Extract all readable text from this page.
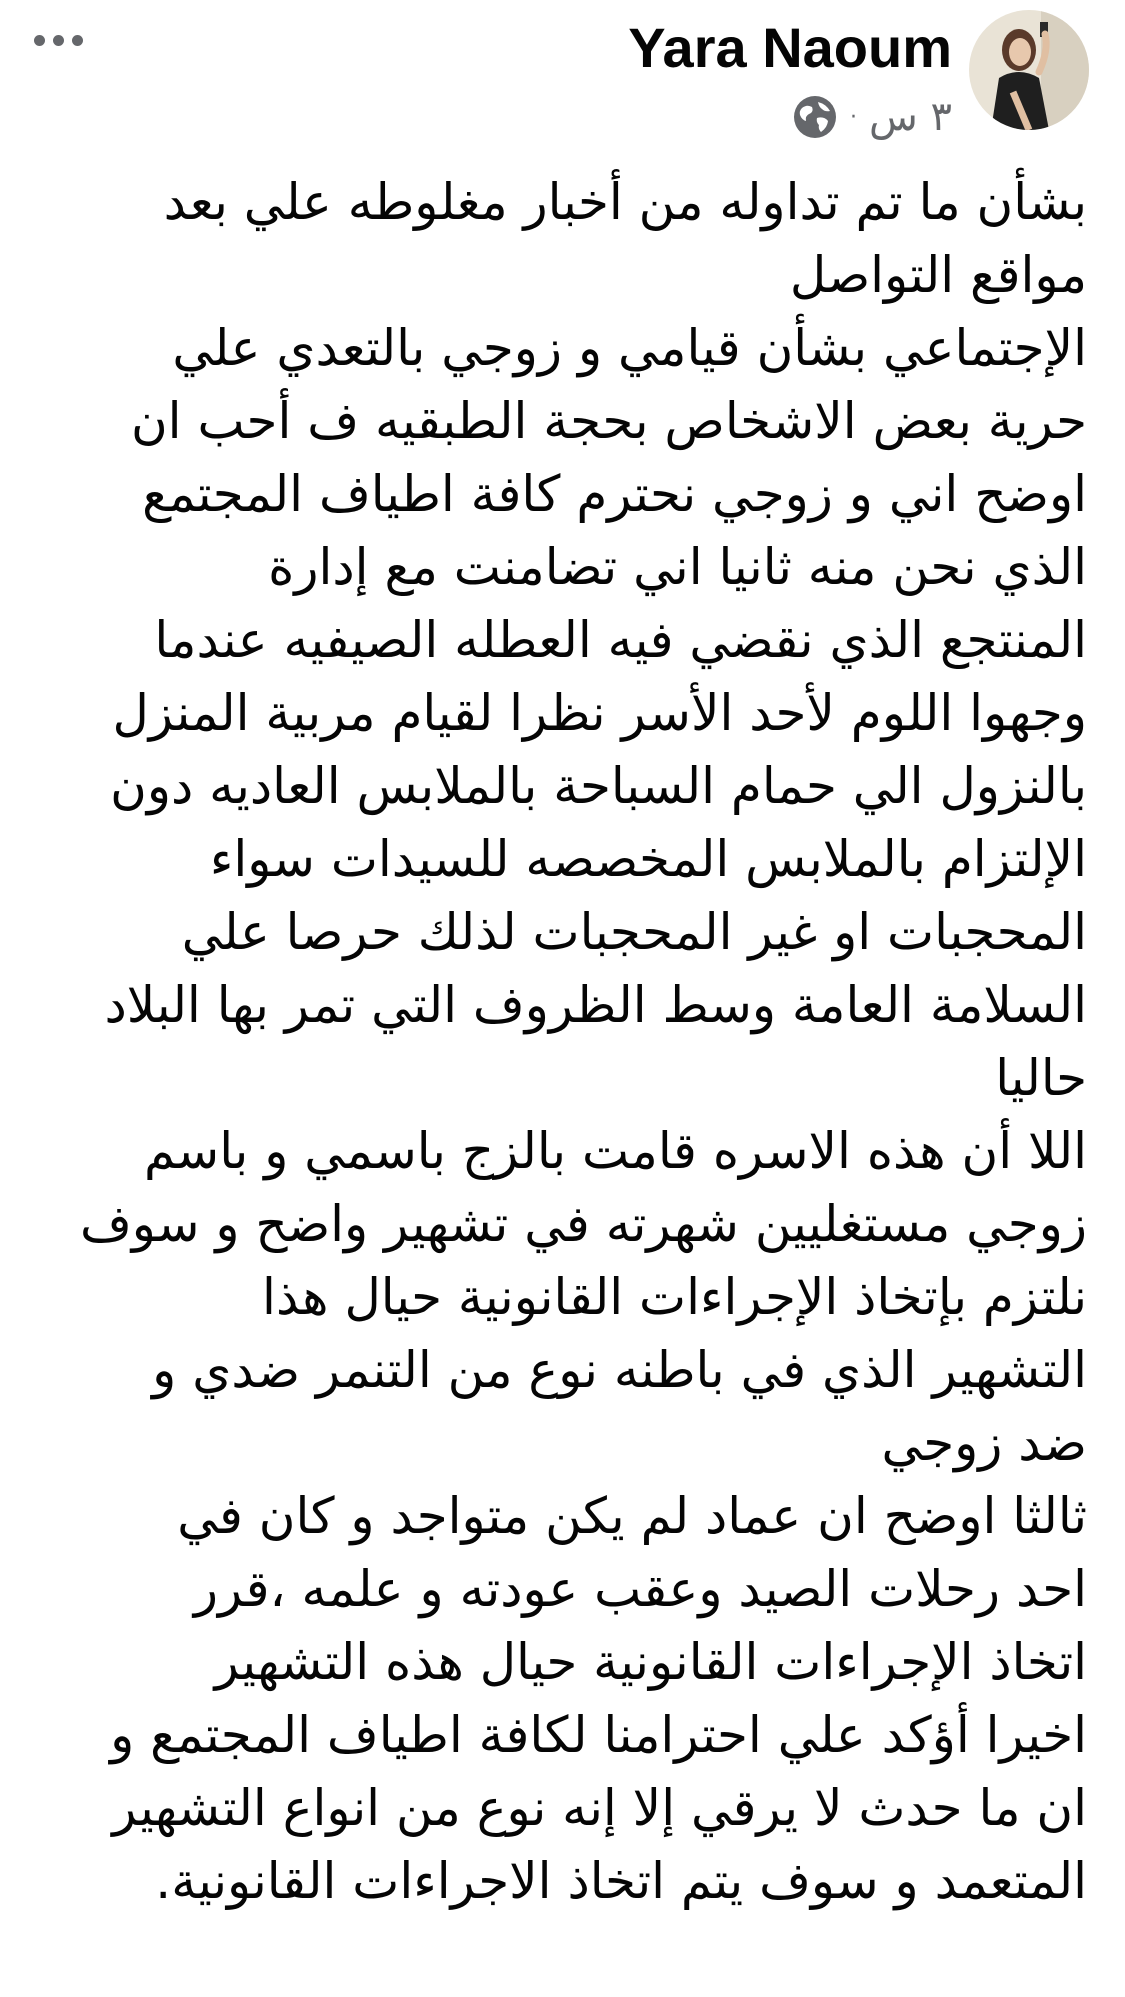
Yara Naoum
٣ س
·
بشأن ما تم تداوله من أخبار مغلوطه علي بعد
مواقع التواصل
الإجتماعي بشأن قيامي و زوجي بالتعدي علي
حرية بعض الاشخاص بحجة الطبقيه ف أحب ان
اوضح اني و زوجي نحترم كافة اطياف المجتمع
الذي نحن منه ثانيا اني تضامنت مع إدارة
المنتجع الذي نقضي فيه العطله الصيفيه عندما
وجهوا اللوم لأحد الأسر نظرا لقيام مربية المنزل
بالنزول الي حمام السباحة بالملابس العاديه دون
الإلتزام بالملابس المخصصه للسيدات سواء
المحجبات او غير المحجبات لذلك حرصا علي
السلامة العامة وسط الظروف التي تمر بها البلاد
حاليا
اللا أن هذه الاسره قامت بالزج باسمي و باسم
زوجي مستغليين شهرته في تشهير واضح و سوف
نلتزم بإتخاذ الإجراءات القانونية حيال هذا
التشهير الذي في باطنه نوع من التنمر ضدي و
ضد زوجي
ثالثا اوضح ان عماد لم يكن متواجد و كان في
احد رحلات الصيد وعقب عودته و علمه ،قرر
اتخاذ الإجراءات القانونية حيال هذه التشهير
اخيرا أؤكد علي احترامنا لكافة اطياف المجتمع و
ان ما حدث لا يرقي إلا إنه نوع من انواع التشهير
المتعمد و سوف يتم اتخاذ الاجراءات القانونية.
